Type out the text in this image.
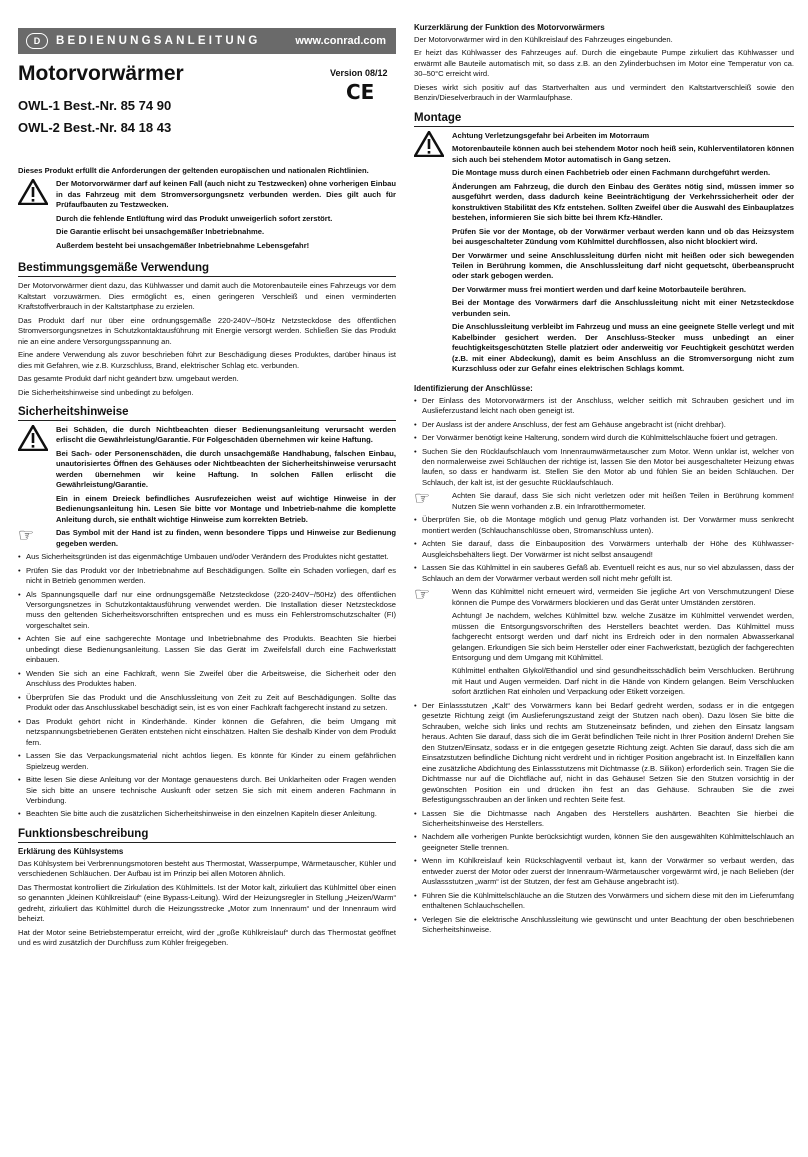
D	BEDIENUNGSANLEITUNG	www.conrad.com
Motorvorwärmer	Version 08/12
CE
OWL-1 Best.-Nr. 85 74 90
OWL-2 Best.-Nr. 84 18 43

Dieses Produkt erfüllt die Anforderungen der geltenden europäischen und nationalen Richtlinien.

Der Motorvorwärmer darf auf keinen Fall (auch nicht zu Testzwecken) ohne vorherigen Einbau in das Fahrzeug mit dem Stromversorgungsnetz verbunden werden. Dies gilt auch für Prüfaufbauten zu Testzwecken.

Durch die fehlende Entlüftung wird das Produkt unweigerlich sofort zerstört.

Die Garantie erlischt bei unsachgemäßer Inbetriebnahme.

Außerdem besteht bei unsachgemäßer Inbetriebnahme Lebensgefahr!

Bestimmungsgemäße Verwendung

Der Motorvorwärmer dient dazu, das Kühlwasser und damit auch die Motorenbauteile eines Fahrzeugs vor dem Kaltstart vorzuwärmen. Dies ermöglicht es, einen geringeren Verschleiß und einen verminderten Kraftstoffverbrauch in der Kaltstartphase zu erzielen.

Das Produkt darf nur über eine ordnungsgemäße 220-240V~/50Hz Netzsteckdose des öffentlichen Stromversorgungsnetzes in Schutzkontaktausführung mit Energie versorgt werden. Schließen Sie das Produkt nie an eine andere Versorgungsspannung an.

Eine andere Verwendung als zuvor beschrieben führt zur Beschädigung dieses Produktes, darüber hinaus ist dies mit Gefahren, wie z.B. Kurzschluss, Brand, elektrischer Schlag etc. verbunden.

Das gesamte Produkt darf nicht geändert bzw. umgebaut werden.

Die Sicherheitshinweise sind unbedingt zu befolgen.

Sicherheitshinweise

Bei Schäden, die durch Nichtbeachten dieser Bedienungsanleitung verursacht werden erlischt die Gewährleistung/Garantie. Für Folgeschäden übernehmen wir keine Haftung.

Bei Sach- oder Personenschäden, die durch unsachgemäße Handhabung, falschen Einbau, unautorisiertes Öffnen des Gehäuses oder Nichtbeachten der Sicherheitshinweise verursacht werden übernehmen wir keine Haftung. In solchen Fällen erlischt die Gewährleistung/Garantie.

Ein in einem Dreieck befindliches Ausrufezeichen weist auf wichtige Hinweise in der Bedienungsanleitung hin. Lesen Sie bitte vor Montage und Inbetrieb-nahme die komplette Anleitung durch, sie enthält wichtige Hinweise zum korrekten Betrieb.

☞	Das Symbol mit der Hand ist zu finden, wenn besondere Tipps und Hinweise zur Bedienung gegeben werden.

• Aus Sicherheitsgründen ist das eigenmächtige Umbauen und/oder Verändern des Produktes nicht gestattet.
• Prüfen Sie das Produkt vor der Inbetriebnahme auf Beschädigungen. Sollte ein Schaden vorliegen, darf es nicht in Betrieb genommen werden.
• Als Spannungsquelle darf nur eine ordnungsgemäße Netzsteckdose (220-240V~/50Hz) des öffentlichen Versorgungsnetzes in Schutzkontaktausführung verwendet werden. Die Installation dieser Netzsteckdose muss den geltenden Sicherheitsvorschriften entsprechen und es muss ein Fehlerstromschutzschalter (FI) vorgeschaltet sein.
• Achten Sie auf eine sachgerechte Montage und Inbetriebnahme des Produkts. Beachten Sie hierbei unbedingt diese Bedienungsanleitung. Lassen Sie das Gerät im Zweifelsfall durch eine Fachwerkstatt einbauen.
• Wenden Sie sich an eine Fachkraft, wenn Sie Zweifel über die Arbeitsweise, die Sicherheit oder den Anschluss des Produktes haben.
• Überprüfen Sie das Produkt und die Anschlussleitung von Zeit zu Zeit auf Beschädigungen. Sollte das Produkt oder das Anschlusskabel beschädigt sein, ist es von einer Fachkraft fachgerecht instand zu setzen.
• Das Produkt gehört nicht in Kinderhände. Kinder können die Gefahren, die beim Umgang mit netzspannungsbetriebenen Geräten entstehen nicht einschätzen. Halten Sie deshalb Kinder von dem Produkt fern.
• Lassen Sie das Verpackungsmaterial nicht achtlos liegen. Es könnte für Kinder zu einem gefährlichen Spielzeug werden.
• Bitte lesen Sie diese Anleitung vor der Montage genauestens durch. Bei Unklarheiten oder Fragen wenden Sie sich bitte an unsere technische Auskunft oder setzen Sie sich mit einem anderen Fachmann in Verbindung.
• Beachten Sie bitte auch die zusätzlichen Sicherheitshinweise in den einzelnen Kapiteln dieser Anleitung.
Funktionsbeschreibung
Erklärung des Kühlsystems

Das Kühlsystem bei Verbrennungsmotoren besteht aus Thermostat, Wasserpumpe, Wärmetauscher, Kühler und verschiedenen Schläuchen. Der Aufbau ist im Prinzip bei allen Motoren ähnlich.

Das Thermostat kontrolliert die Zirkulation des Kühlmittels. Ist der Motor kalt, zirkuliert das Kühlmittel über einen so genannten „kleinen Kühlkreislauf“ (eine Bypass-Leitung). Wird der Heizungsregler in Stellung „Heizen/Warm“ gedreht, zirkuliert das Kühlmittel durch die Heizungsstrecke „Motor zum Innenraum“ und der Innenraum wird beheizt.

Hat der Motor seine Betriebstemperatur erreicht, wird der „große Kühlkreislauf“ durch das Thermostat geöffnet und es wird zusätzlich der Durchfluss zum Kühler freigegeben.

Kurzerklärung der Funktion des Motorvorwärmers

Der Motorvorwärmer wird in den Kühlkreislauf des Fahrzeuges eingebunden.

Er heizt das Kühlwasser des Fahrzeuges auf. Durch die eingebaute Pumpe zirkuliert das Kühlwasser und erwärmt alle Bauteile automatisch mit, so dass z.B. an den Zylinderbuchsen im Motor eine Temperatur von ca. 30–50°C erreicht wird.

Dieses wirkt sich positiv auf das Startverhalten aus und vermindert den Kaltstartverschleiß sowie den Benzin/Dieselverbrauch in der Warmlaufphase.

Montage

Achtung Verletzungsgefahr bei Arbeiten im Motorraum

Motorenbauteile können auch bei stehendem Motor noch heiß sein, Kühlerventilatoren können sich auch bei stehendem Motor automatisch in Gang setzen.

Die Montage muss durch einen Fachbetrieb oder einen Fachmann durchgeführt werden.

Änderungen am Fahrzeug, die durch den Einbau des Gerätes nötig sind, müssen immer so ausgeführt werden, dass dadurch keine Beeinträchtigung der Verkehrssicherheit oder der konstruktiven Stabilität des Kfz entstehen. Sollten Zweifel über die Auswahl des Einbauplatzes bestehen, informieren Sie sich bitte bei Ihrem Kfz-Händler.

Prüfen Sie vor der Montage, ob der Vorwärmer verbaut werden kann und ob das Heizsystem bei ausgeschalteter Zündung vom Kühlmittel durchflossen, also nicht blockiert wird.

Der Vorwärmer und seine Anschlussleitung dürfen nicht mit heißen oder sich bewegenden Teilen in Berührung kommen, die Anschlussleitung darf nicht gequetscht, überbeansprucht oder stark gebogen werden.

Der Vorwärmer muss frei montiert werden und darf keine Motorbauteile berühren.

Bei der Montage des Vorwärmers darf die Anschlussleitung nicht mit einer Netzsteckdose verbunden sein.

Die Anschlussleitung verbleibt im Fahrzeug und muss an eine geeignete Stelle verlegt und mit Kabelbinder gesichert werden. Der Anschluss-Stecker muss unbedingt an einer feuchtigkeitsgeschützten Stelle platziert oder anderweitig vor Feuchtigkeit geschützt werden (z.B. mit einer Abdeckung), damit es beim Anschluss an die Stromversorgung nicht zum Kurzschluss oder zur Gefahr eines elektrischen Schlags kommt.

Identifizierung der Anschlüsse:
• Der Einlass des Motorvorwärmers ist der Anschluss, welcher seitlich mit Schrauben gesichert und im Auslieferzustand leicht nach oben geneigt ist.
• Der Auslass ist der andere Anschluss, der fest am Gehäuse angebracht ist (nicht drehbar).
• Der Vorwärmer benötigt keine Halterung, sondern wird durch die Kühlmittelschläuche fixiert und getragen.
• Suchen Sie den Rücklaufschlauch vom Innenraumwärmetauscher zum Motor. Wenn unklar ist, welcher von den normalerweise zwei Schläuchen der richtige ist, lassen Sie den Motor bei ausgeschalteter Heizung etwas laufen, so dass er handwarm ist. Stellen Sie den Motor ab und fühlen Sie an beiden Schläuchen. Der Schlauch, der kalt ist, ist der gesuchte Rücklaufschlauch.
☞	Achten Sie darauf, dass Sie sich nicht verletzen oder mit heißen Teilen in Berührung kommen! Nutzen Sie wenn vorhanden z.B. ein Infrarotthermometer.

• Überprüfen Sie, ob die Montage möglich und genug Platz vorhanden ist. Der Vorwärmer muss senkrecht montiert werden (Schlauchanschlüsse oben, Stromanschluss unten).
• Achten Sie darauf, dass die Einbauposition des Vorwärmers unterhalb der Höhe des Kühlwasser-Ausgleichsbehälters liegt. Der Vorwärmer ist nicht selbst ansaugend!
• Lassen Sie das Kühlmittel in ein sauberes Gefäß ab. Eventuell reicht es aus, nur so viel abzulassen, dass der Schlauch an dem der Vorwärmer verbaut werden soll nicht mehr gefüllt ist.
☞	Wenn das Kühlmittel nicht erneuert wird, vermeiden Sie jegliche Art von Verschmutzungen! Diese können die Pumpe des Vorwärmers blockieren und das Gerät unter Umständen zerstören.

Achtung! Je nachdem, welches Kühlmittel bzw. welche Zusätze im Kühlmittel verwendet werden, müssen die Entsorgungsvorschriften des Herstellers beachtet werden. Das Kühlmittel muss fachgerecht entsorgt werden und darf nicht ins Erdreich oder in den normalen Abwasserkanal gelangen. Erkundigen Sie sich beim Hersteller oder einer Fachwerkstatt, bezüglich der fachgerechten Entsorgung und dem Umgang mit Kühlmittel.

Kühlmittel enthalten Glykol/Ethandiol und sind gesundheitsschädlich beim Verschlucken. Berührung mit Haut und Augen vermeiden. Darf nicht in die Hände von Kindern gelangen. Beim Verschlucken sofort ärztlichen Rat einholen und Verpackung oder Etikett vorzeigen.

• Der Einlassstutzen „Kalt“ des Vorwärmers kann bei Bedarf gedreht werden, sodass er in die entgegen gesetzte Richtung zeigt (im Auslieferungszustand zeigt der Stutzen nach oben). Dazu lösen Sie bitte die Schrauben, welche sich links und rechts am Stutzeneinsatz befinden, und ziehen den Einsatz langsam heraus. Achten Sie darauf, dass sich die im Gerät befindlichen Teile nicht in Ihrer Position ändern! Drehen Sie den Stutzen/Einsatz, sodass er in die entgegen gesetzte Richtung zeigt. Achten Sie darauf, dass sich die am Einsatzstutzen befindliche Dichtung nicht verdreht und in richtiger Position angebracht ist. In Einzelfällen kann eine zusätzliche Abdichtung des Einlassstutzens mit Dichtmasse (z.B. Silikon) erforderlich sein. Tragen Sie die Dichtmasse nur auf die Dichtfläche auf, nicht in das Gehäuse! Setzen Sie den Stutzen vorsichtig in der gewünschten Position ein und drücken ihn fest an das Gehäuse. Schrauben Sie die zwei Befestigungsschrauben an der linken und rechten Seite fest.
• Lassen Sie die Dichtmasse nach Angaben des Herstellers aushärten. Beachten Sie hierbei die Sicherheitshinweise des Herstellers.
• Nachdem alle vorherigen Punkte berücksichtigt wurden, können Sie den ausgewählten Kühlmittelschlauch an geeigneter Stelle trennen.
• Wenn im Kühlkreislauf kein Rückschlagventil verbaut ist, kann der Vorwärmer so verbaut werden, das entweder zuerst der Motor oder zuerst der Innenraum-Wärmetauscher vorgewärmt wird, je nach Belieben (der Auslassstutzen „warm“ ist der Stutzen, der fest am Gehäuse angebracht ist).
• Führen Sie die Kühlmittelschläuche an die Stutzen des Vorwärmers und sichern diese mit den im Lieferumfang enthaltenen Schlauchschellen.
• Verlegen Sie die elektrische Anschlussleitung wie gewünscht und unter Beachtung der oben beschriebenen Sicherheitshinweise.
